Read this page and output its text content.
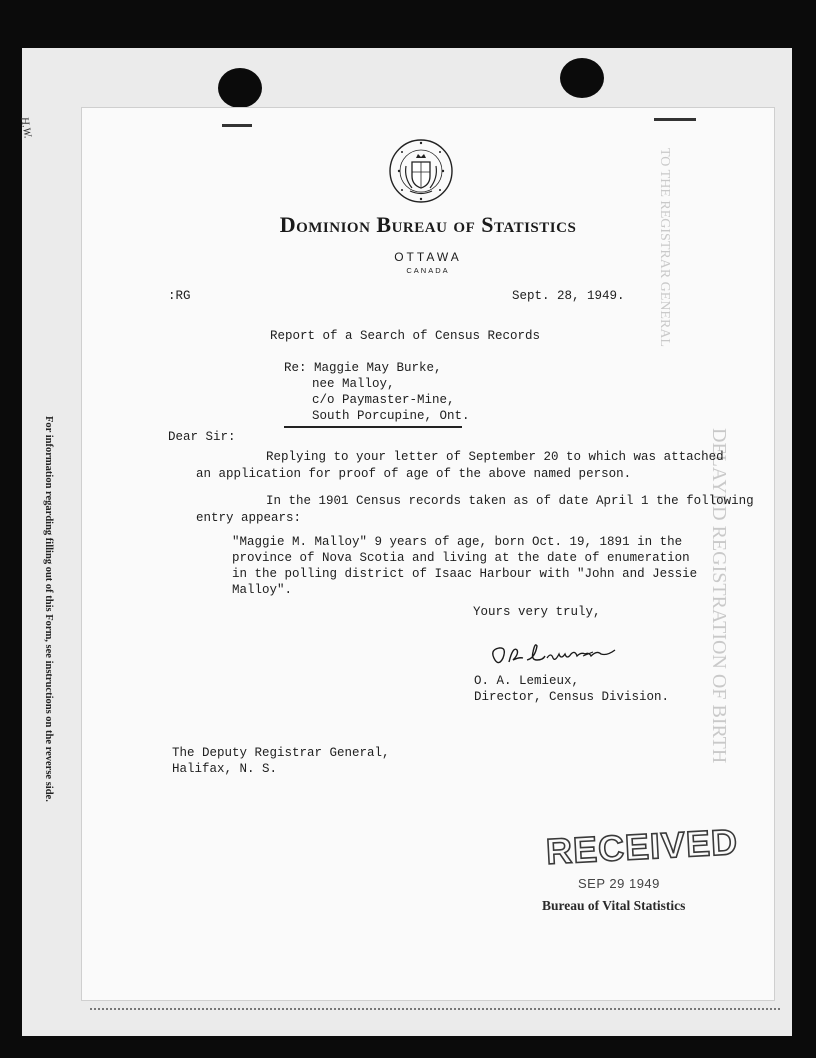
H.W.
For information regarding filling out of this Form, see instructions on the reverse side.	DELAYED REGISTRATION OF BIRTH
TO THE REGISTRAR GENERAL
Dominion Bureau of Statistics
OTTAWA
CANADA
:RG	Sept. 28, 1949.
Report of a Search of Census Records
Re: Maggie May Burke,
nee Malloy,
c/o Paymaster-Mine,
South Porcupine, Ont.
Dear Sir:
Replying to your letter of September 20 to which was attached
an application for proof of age of the above named person.
In the 1901 Census records taken as of date April 1 the following
entry appears:
"Maggie M. Malloy" 9 years of age, born Oct. 19, 1891 in the
province of Nova Scotia and living at the date of enumeration
in the polling district of Isaac Harbour with "John and Jessie
Malloy".
Yours very truly,
O. A. Lemieux,
Director, Census Division.
The Deputy Registrar General,
Halifax, N. S.
RECEIVED
SEP 29 1949
Bureau of Vital Statistics
